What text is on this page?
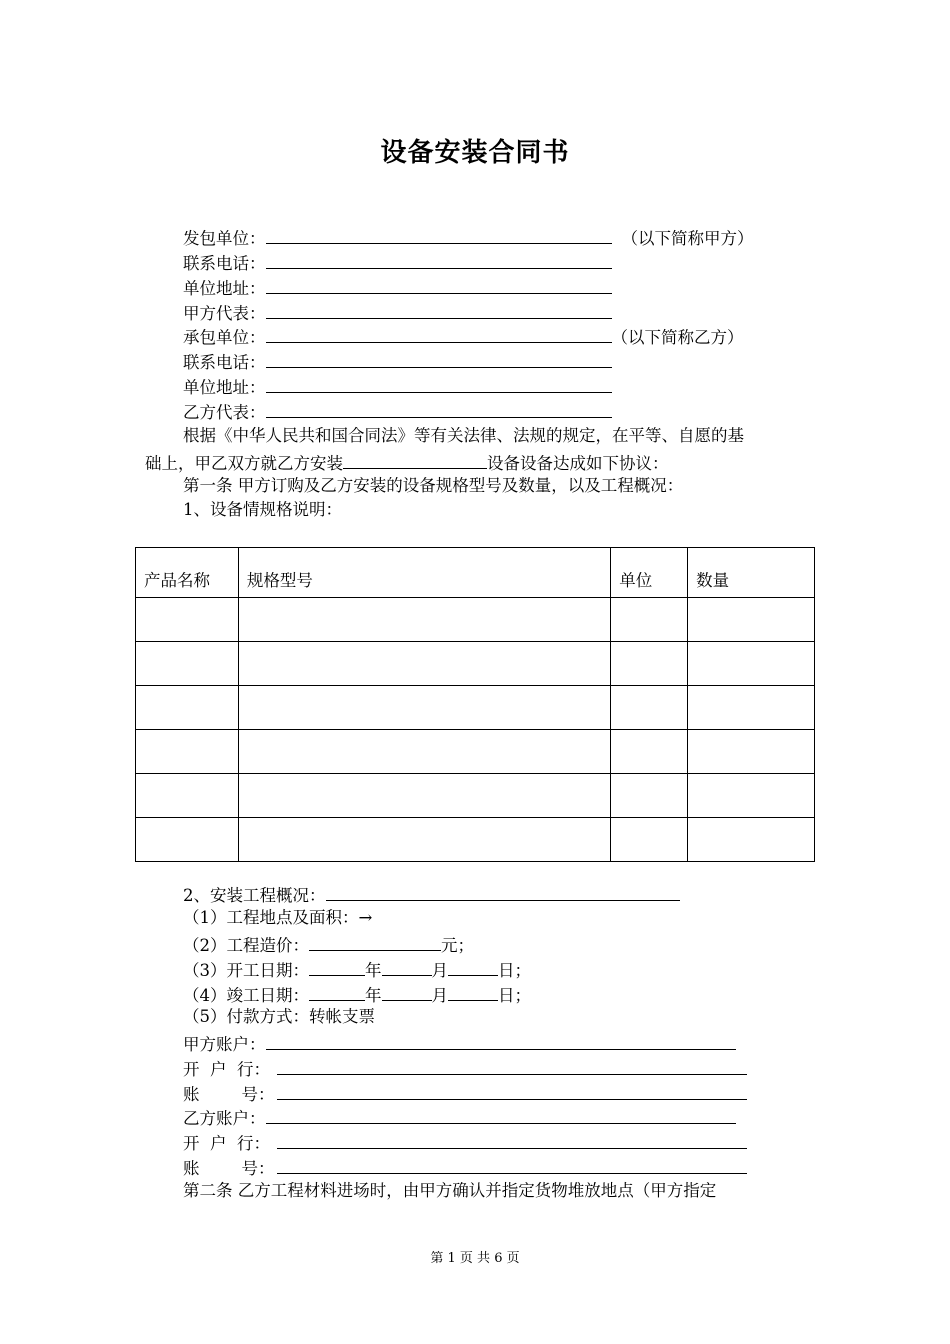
设备安装合同书
发包单位：	（以下简称甲方）
联系电话：
单位地址：
甲方代表：
承包单位：	（以下简称乙方）
联系电话：
单位地址：
乙方代表：
根据《中华人民共和国合同法》等有关法律、法规的规定，在平等、自愿的基
础上，甲乙双方就乙方安装	设备设备达成如下协议：
第一条 甲方订购及乙方安装的设备规格型号及数量，以及工程概况：
1、设备情规格说明：
产品名称	规格型号	单位	数量

2、安装工程概况：
（1）工程地点及面积：→
（2）工程造价：	元；
（3）开工日期：	年	月	日；
（4）竣工日期：	年	月	日；
（5）付款方式：转帐支票
甲方账户：
开  户  行：
账        号：
乙方账户：
开  户  行：
账        号：
第二条 乙方工程材料进场时，由甲方确认并指定货物堆放地点（甲方指定
第 1 页 共 6 页
